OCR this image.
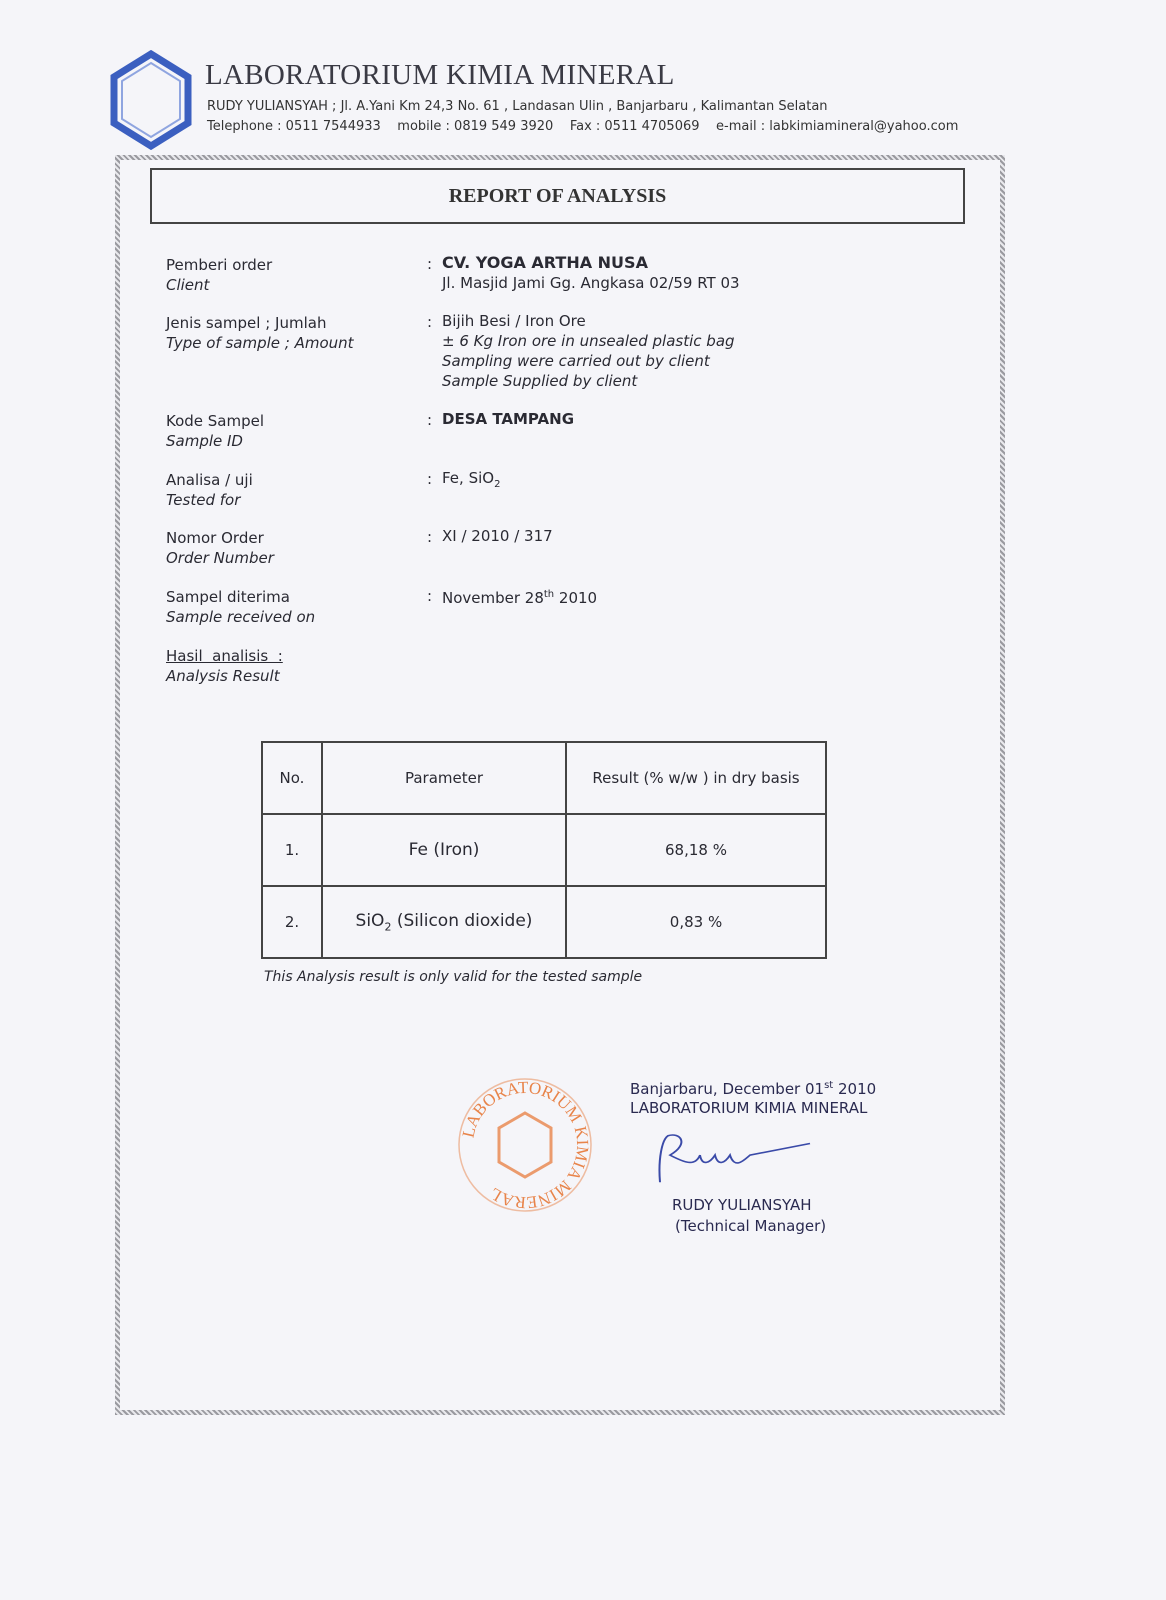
LABORATORIUM KIMIA MINERAL
RUDY YULIANSYAH ; Jl. A.Yani Km 24,3 No. 61 , Landasan Ulin , Banjarbaru , Kalimantan Selatan
Telephone : 0511 7544933    mobile : 0819 549 3920    Fax : 0511 4705069    e-mail : labkimiamineral@yahoo.com
REPORT OF ANALYSIS
Pemberi order
Client
: CV. YOGA ARTHA NUSA
Jl. Masjid Jami Gg. Angkasa 02/59 RT 03
Jenis sampel ; Jumlah
Type of sample ; Amount
: Bijih Besi / Iron Ore
± 6 Kg Iron ore in unsealed plastic bag
Sampling were carried out by client
Sample Supplied by client
Kode Sampel
Sample ID
: DESA TAMPANG
Analisa / uji
Tested for
: Fe, SiO$_2$
Nomor Order
Order Number
: XI / 2010 / 317
Sampel diterima
Sample received on
: November 28th 2010
Hasil  analisis  :
Analysis Result
No.	Parameter	Result (% w/w ) in dry basis
1.	Fe (Iron)	68,18 %
2.	SiO$_2$ (Silicon dioxide)	0,83 %
This Analysis result is only valid for the tested sample
LABORATORIUM KIMIA MINERAL
Banjarbaru, December 01st 2010
LABORATORIUM KIMIA MINERAL
RUDY YULIANSYAH
(Technical Manager)
